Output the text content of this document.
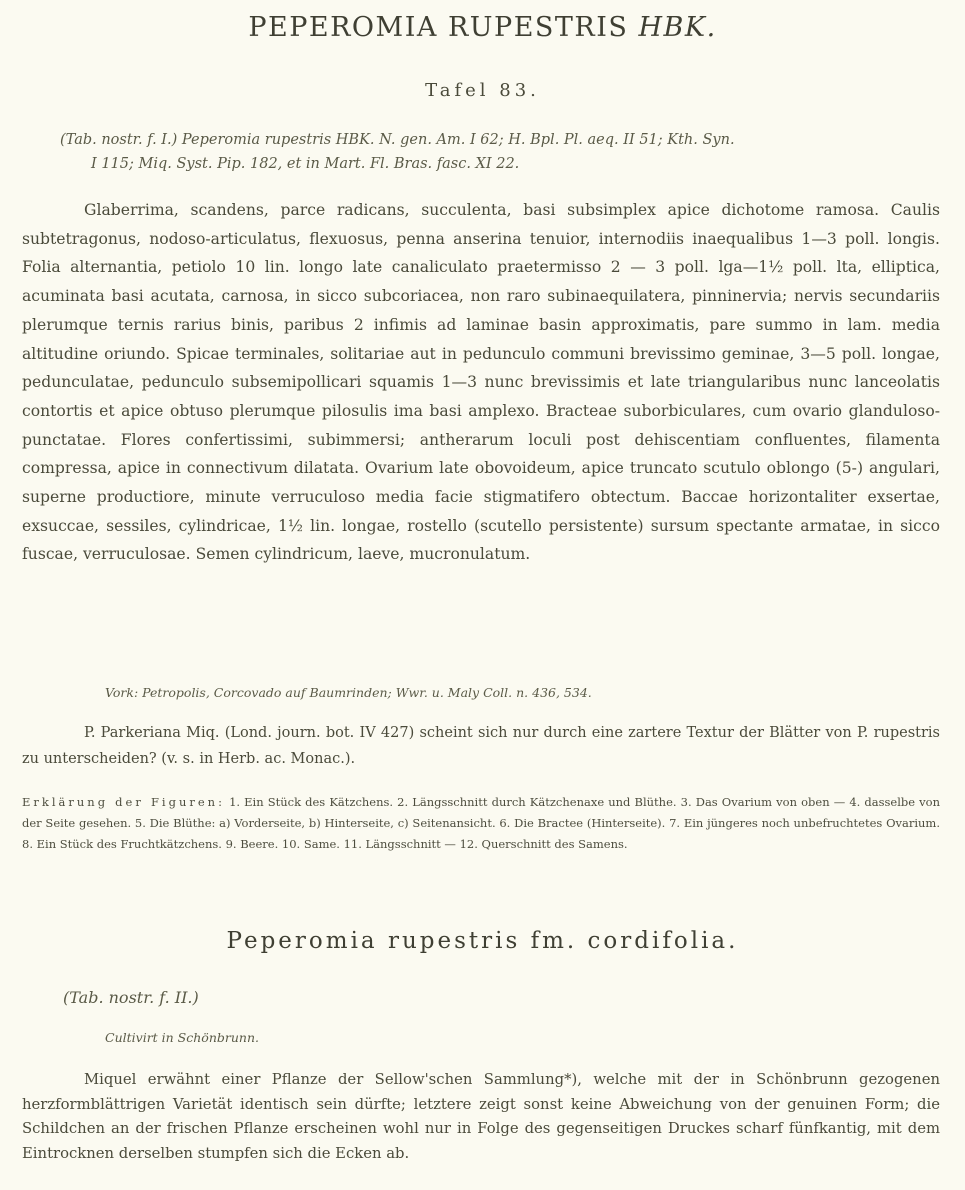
PEPEROMIA RUPESTRIS HBK.
Tafel 83.

(Tab. nostr. f. I.) Peperomia rupestris HBK. N. gen. Am. I 62; H. Bpl. Pl. aeq. II 51; Kth. Syn.

I 115; Miq. Syst. Pip. 182, et in Mart. Fl. Bras. fasc. XI 22.

Glaberrima, scandens, parce radicans, succulenta, basi subsimplex apice dichotome ramosa. Caulis subtetragonus, nodoso-articulatus, flexuosus, penna anserina tenuior, internodiis inaequalibus 1—3 poll. longis. Folia alternantia, petiolo 10 lin. longo late canaliculato praetermisso 2 — 3 poll. lga—1½ poll. lta, elliptica, acuminata basi acutata, carnosa, in sicco subcoriacea, non raro subinaequilatera, pinninervia; nervis secundariis plerumque ternis rarius binis, paribus 2 infimis ad laminae basin approximatis, pare summo in lam. media altitudine oriundo. Spicae terminales, solitariae aut in pedunculo communi brevissimo geminae, 3—5 poll. longae, pedunculatae, pedunculo subsemipollicari squamis 1—3 nunc brevissimis et late triangularibus nunc lanceolatis contortis et apice obtuso plerumque pilosulis ima basi amplexo. Bracteae suborbiculares, cum ovario glanduloso-punctatae. Flores confertissimi, subimmersi; antherarum loculi post dehiscentiam confluentes, filamenta compressa, apice in connectivum dilatata. Ovarium late obovoideum, apice truncato scutulo oblongo (5-) angulari, superne productiore, minute verruculoso media facie stigmatifero obtectum. Baccae horizontaliter exsertae, exsuccae, sessiles, cylindricae, 1½ lin. longae, rostello (scutello persistente) sursum spectante armatae, in sicco fuscae, verruculosae. Semen cylindricum, laeve, mucronulatum.

Vork: Petropolis, Corcovado auf Baumrinden; Wwr. u. Maly Coll. n. 436, 534.

P. Parkeriana Miq. (Lond. journ. bot. IV 427) scheint sich nur durch eine zartere Textur der Blätter von P. rupestris zu unterscheiden? (v. s. in Herb. ac. Monac.).

Erklärung der Figuren: 1. Ein Stück des Kätzchens. 2. Längsschnitt durch Kätzchenaxe und Blüthe. 3. Das Ovarium von oben — 4. dasselbe von der Seite gesehen. 5. Die Blüthe: a) Vorderseite, b) Hinterseite, c) Seitenansicht. 6. Die Bractee (Hinterseite). 7. Ein jüngeres noch unbefruchtetes Ovarium. 8. Ein Stück des Fruchtkätzchens. 9. Beere. 10. Same. 11. Längsschnitt — 12. Querschnitt des Samens.

Peperomia rupestris fm. cordifolia.
(Tab. nostr. f. II.)
Cultivirt in Schönbrunn.

Miquel erwähnt einer Pflanze der Sellow'schen Sammlung*), welche mit der in Schönbrunn gezogenen herzformblättrigen Varietät identisch sein dürfte; letztere zeigt sonst keine Abweichung von der genuinen Form; die Schildchen an der frischen Pflanze erscheinen wohl nur in Folge des gegenseitigen Druckes scharf fünfkantig, mit dem Eintrocknen derselben stumpfen sich die Ecken ab.
